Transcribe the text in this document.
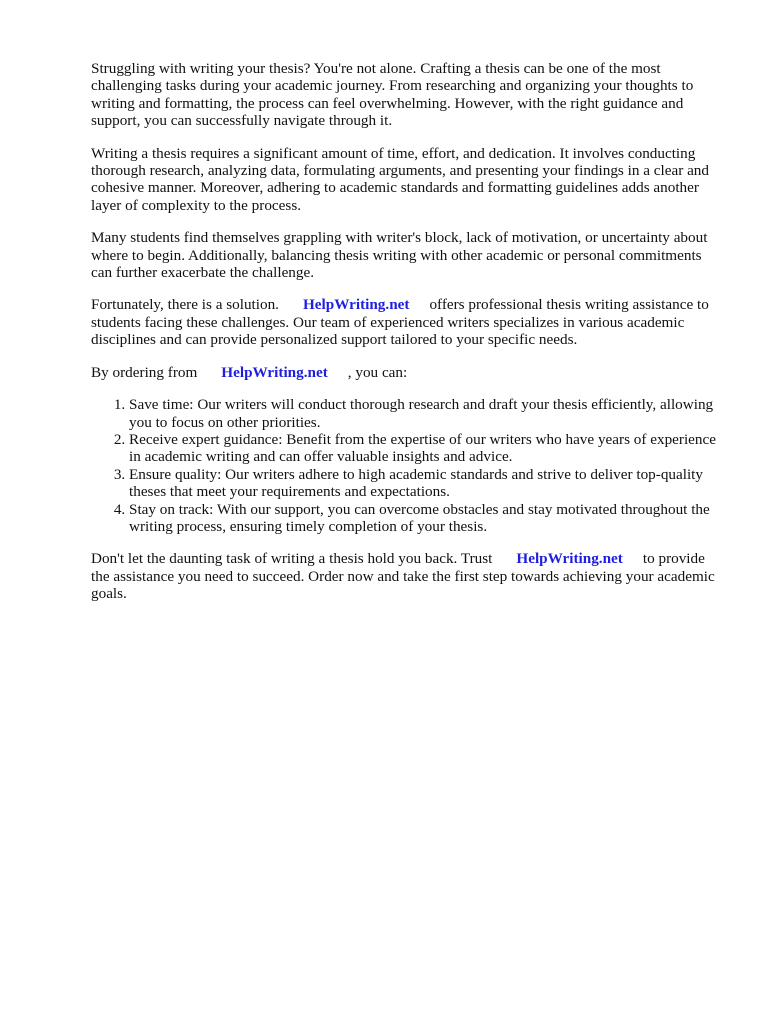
Struggling with writing your thesis? You're not alone. Crafting a thesis can be one of the most challenging tasks during your academic journey. From researching and organizing your thoughts to writing and formatting, the process can feel overwhelming. However, with the right guidance and support, you can successfully navigate through it.

Writing a thesis requires a significant amount of time, effort, and dedication. It involves conducting thorough research, analyzing data, formulating arguments, and presenting your findings in a clear and cohesive manner. Moreover, adhering to academic standards and formatting guidelines adds another layer of complexity to the process.

Many students find themselves grappling with writer's block, lack of motivation, or uncertainty about where to begin. Additionally, balancing thesis writing with other academic or personal commitments can further exacerbate the challenge.

Fortunately, there is a solution. HelpWriting.net offers professional thesis writing assistance to students facing these challenges. Our team of experienced writers specializes in various academic disciplines and can provide personalized support tailored to your specific needs.

By ordering from HelpWriting.net , you can:

1. Save time: Our writers will conduct thorough research and draft your thesis efficiently, allowing you to focus on other priorities.
2. Receive expert guidance: Benefit from the expertise of our writers who have years of experience in academic writing and can offer valuable insights and advice.
3. Ensure quality: Our writers adhere to high academic standards and strive to deliver top-quality theses that meet your requirements and expectations.
4. Stay on track: With our support, you can overcome obstacles and stay motivated throughout the writing process, ensuring timely completion of your thesis.

Don't let the daunting task of writing a thesis hold you back. Trust HelpWriting.net to provide the assistance you need to succeed. Order now and take the first step towards achieving your academic goals.
